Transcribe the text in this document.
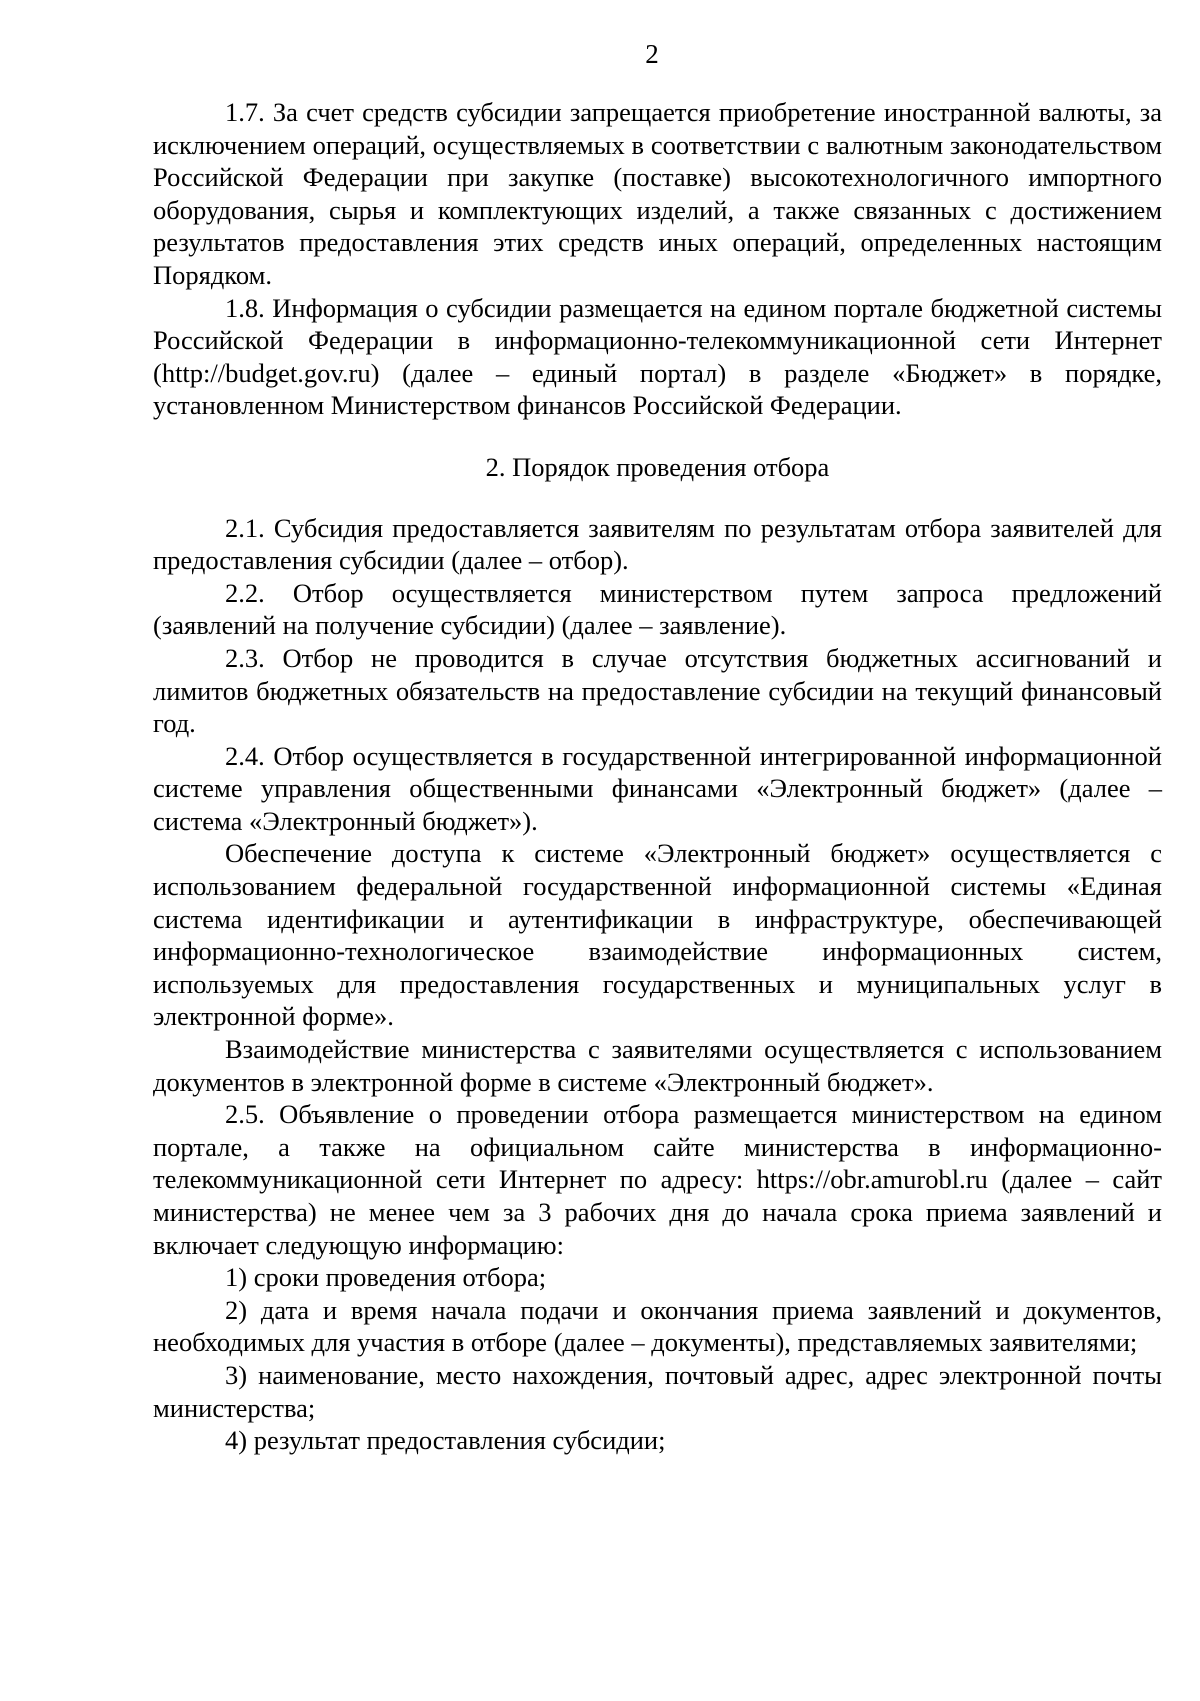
2

1.7. За счет средств субсидии запрещается приобретение иностранной валюты, за исключением операций, осуществляемых в соответствии с валютным законодательством Российской Федерации при закупке (поставке) высокотехнологичного импортного оборудования, сырья и комплектующих изделий, а также связанных с достижением результатов предоставления этих средств иных операций, определенных настоящим Порядком.

1.8. Информация о субсидии размещается на едином портале бюджетной системы Российской Федерации в информационно-телекоммуникационной сети Интернет (http://budget.gov.ru) (далее – единый портал) в разделе «Бюджет» в порядке, установленном Министерством финансов Российской Федерации.

2. Порядок проведения отбора

2.1. Субсидия предоставляется заявителям по результатам отбора заявителей для предоставления субсидии (далее – отбор).

2.2. Отбор осуществляется министерством путем запроса предложений (заявлений на получение субсидии) (далее – заявление).

2.3. Отбор не проводится в случае отсутствия бюджетных ассигнований и лимитов бюджетных обязательств на предоставление субсидии на текущий финансовый год.

2.4. Отбор осуществляется в государственной интегрированной информационной системе управления общественными финансами «Электронный бюджет» (далее – система «Электронный бюджет»).

Обеспечение доступа к системе «Электронный бюджет» осуществляется с использованием федеральной государственной информационной системы «Единая система идентификации и аутентификации в инфраструктуре, обеспечивающей информационно-технологическое взаимодействие информационных систем, используемых для предоставления государственных и муниципальных услуг в электронной форме».

Взаимодействие министерства с заявителями осуществляется с использованием документов в электронной форме в системе «Электронный бюджет».

2.5. Объявление о проведении отбора размещается министерством на едином портале, а также на официальном сайте министерства в информационно-телекоммуникационной сети Интернет по адресу: https://obr.amurobl.ru (далее – сайт министерства) не менее чем за 3 рабочих дня до начала срока приема заявлений и включает следующую информацию:

1) сроки проведения отбора;

2) дата и время начала подачи и окончания приема заявлений и документов, необходимых для участия в отборе (далее – документы), представляемых заявителями;

3) наименование, место нахождения, почтовый адрес, адрес электронной почты министерства;

4) результат предоставления субсидии;
